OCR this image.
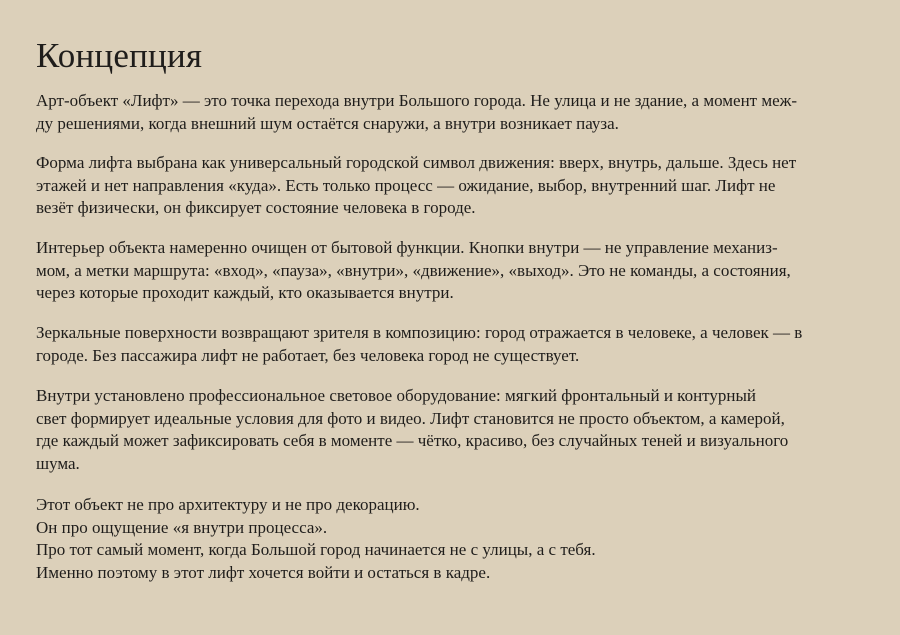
Концепция
Арт-объект «Лифт» — это точка перехода внутри Большого города. Не улица и не здание, а момент меж-
ду решениями, когда внешний шум остаётся снаружи, а внутри возникает пауза.
Форма лифта выбрана как универсальный городской символ движения: вверх, внутрь, дальше. Здесь нет
этажей и нет направления «куда». Есть только процесс — ожидание, выбор, внутренний шаг. Лифт не
везёт физически, он фиксирует состояние человека в городе.
Интерьер объекта намеренно очищен от бытовой функции. Кнопки внутри — не управление механиз-
мом, а метки маршрута: «вход», «пауза», «внутри», «движение», «выход». Это не команды, а состояния,
через которые проходит каждый, кто оказывается внутри.
Зеркальные поверхности возвращают зрителя в композицию: город отражается в человеке, а человек — в
городе. Без пассажира лифт не работает, без человека город не существует.
Внутри установлено профессиональное световое оборудование: мягкий фронтальный и контурный
свет формирует идеальные условия для фото и видео. Лифт становится не просто объектом, а камерой,
где каждый может зафиксировать себя в моменте — чётко, красиво, без случайных теней и визуального
шума.
Этот объект не про архитектуру и не про декорацию.
Он про ощущение «я внутри процесса».
Про тот самый момент, когда Большой город начинается не с улицы, а с тебя.
Именно поэтому в этот лифт хочется войти и остаться в кадре.
